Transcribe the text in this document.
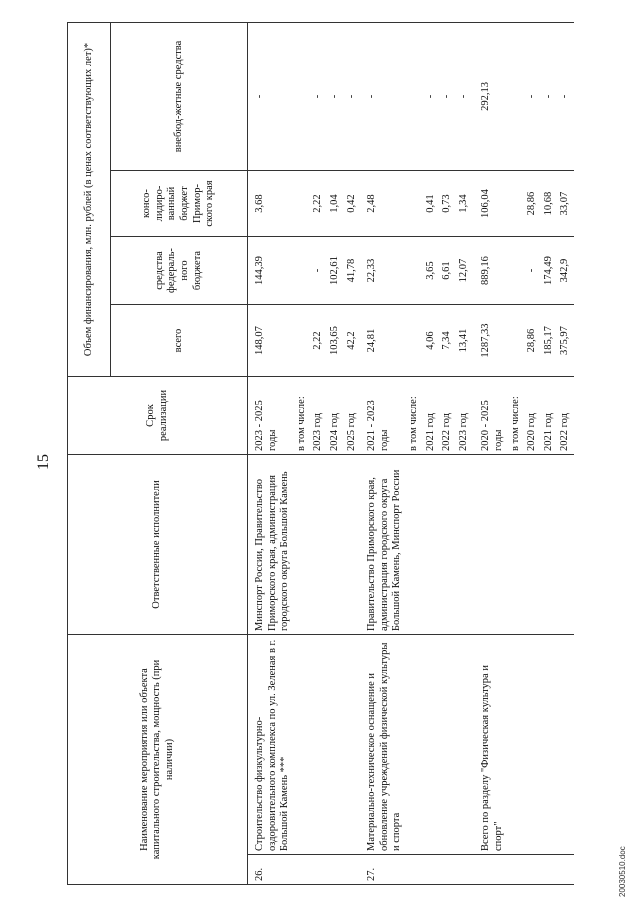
15
Наименование мероприятия или объекта капитального строительства, мощность (при наличии)		Ответственные исполнители	Срок реализации	Объем финансирования, млн. рублей (в ценах соответствующих лет)*			
				всего	средства федераль-ного бюджета	консо-лидиро-ванный бюджет Примор-ского края	внебюд-жетные средства
26.	Строительство физкультурно-оздоровительного комплекса по ул. Зеленая в г. Большой Камень ***	Минспорт России, Правительство Приморского края, администрация городского округа Большой Камень	2023 - 2025 годы	148,07	144,39	3,68	-
			в том числе:				
			2023 год	2,22	-	2,22	-
			2024 год	103,65	102,61	1,04	-
			2025 год	42,2	41,78	0,42	-
27.	Материально-техническое оснащение и обновление учреждений физической культуры и спорта	Правительство Приморского края, администрация городского округа Большой Камень, Минспорт России	2021 - 2023 годы	24,81	22,33	2,48	-
			в том числе:				
			2021 год	4,06	3,65	0,41	-
			2022 год	7,34	6,61	0,73	-
			2023 год	13,41	12,07	1,34	-
	Всего по разделу "Физическая культура и спорт"		2020 - 2025 годы	1287,33	889,16	106,04	292,13
			в том числе:				
			2020 год	28,86	-	28,86	-
			2021 год	185,17	174,49	10,68	-
			2022 год	375,97	342,9	33,07	-
20030510.doc
